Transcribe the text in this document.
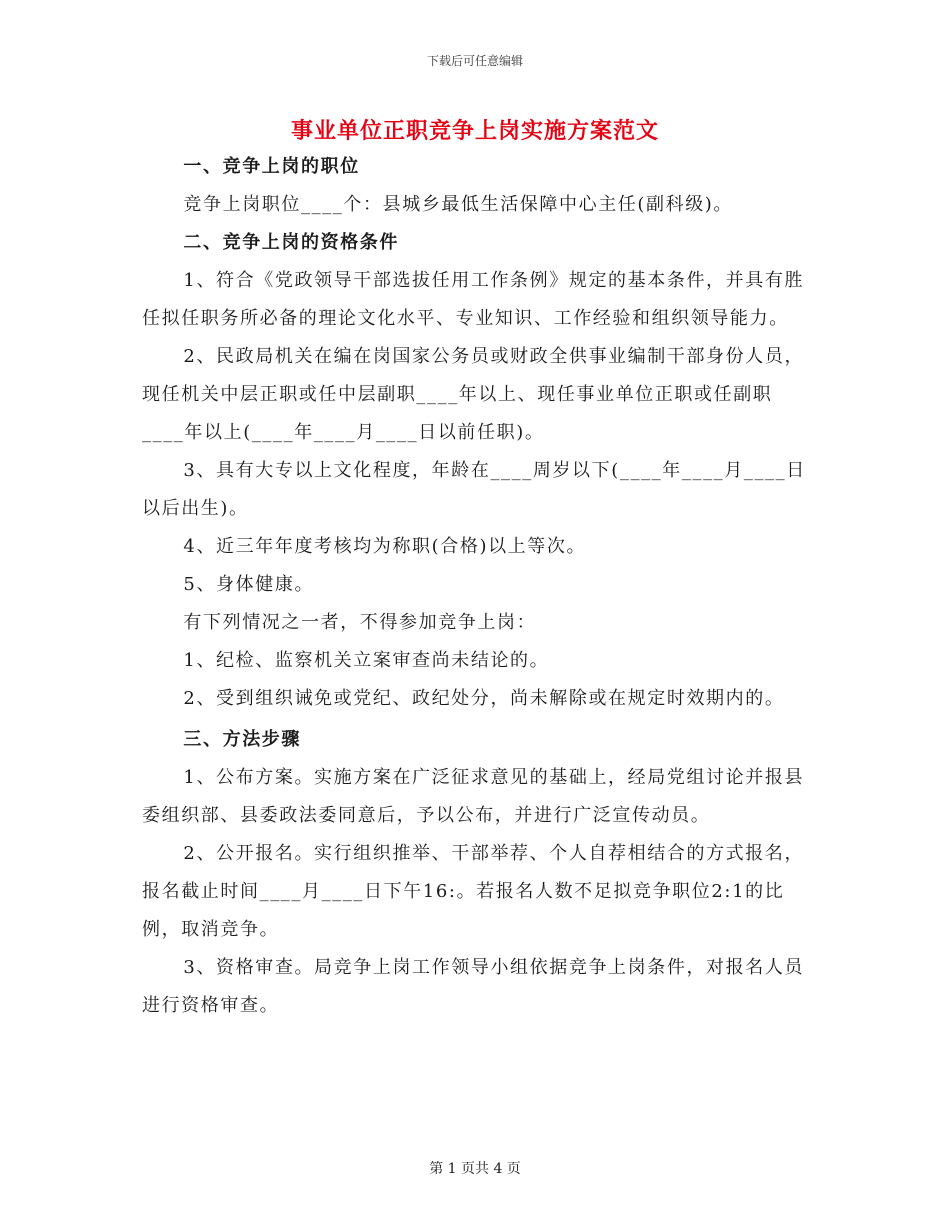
下载后可任意编辑
事业单位正职竞争上岗实施方案范文

一、竞争上岗的职位

竞争上岗职位____个：县城乡最低生活保障中心主任(副科级)。

二、竞争上岗的资格条件

1、符合《党政领导干部选拔任用工作条例》规定的基本条件，并具有胜任拟任职务所必备的理论文化水平、专业知识、工作经验和组织领导能力。

2、民政局机关在编在岗国家公务员或财政全供事业编制干部身份人员，现任机关中层正职或任中层副职____年以上、现任事业单位正职或任副职____年以上(____年____月____日以前任职)。

3、具有大专以上文化程度，年龄在____周岁以下(____年____月____日以后出生)。

4、近三年年度考核均为称职(合格)以上等次。

5、身体健康。

有下列情况之一者，不得参加竞争上岗：

1、纪检、监察机关立案审查尚未结论的。

2、受到组织诫免或党纪、政纪处分，尚未解除或在规定时效期内的。

三、方法步骤

1、公布方案。实施方案在广泛征求意见的基础上，经局党组讨论并报县委组织部、县委政法委同意后，予以公布，并进行广泛宣传动员。

2、公开报名。实行组织推举、干部举荐、个人自荐相结合的方式报名，报名截止时间____月____日下午16:。若报名人数不足拟竞争职位2:1的比例，取消竞争。

3、资格审查。局竞争上岗工作领导小组依据竞争上岗条件，对报名人员进行资格审查。

第 1 页共 4 页
